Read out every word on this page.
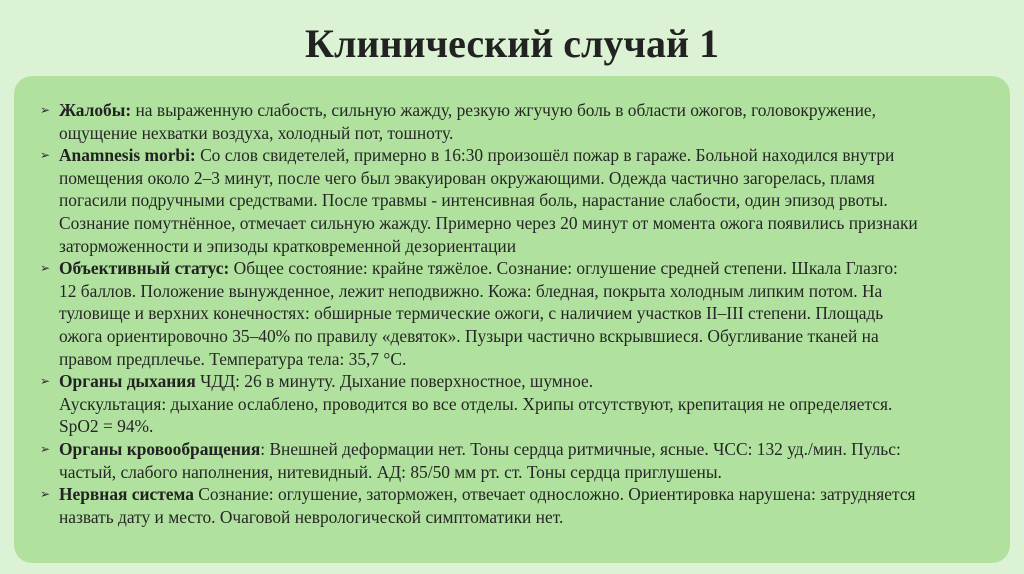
Клинический случай 1
➢ Жалобы: на выраженную слабость, сильную жажду, резкую жгучую боль в области ожогов, головокружение,
ощущение нехватки воздуха, холодный пот, тошноту.
➢ Anamnesis morbi: Со слов свидетелей, примерно в 16:30 произошёл пожар в гараже. Больной находился внутри
помещения около 2–3 минут, после чего был эвакуирован окружающими. Одежда частично загорелась, пламя
погасили подручными средствами. После травмы - интенсивная боль, нарастание слабости, один эпизод рвоты.
Сознание помутнённое, отмечает сильную жажду. Примерно через 20 минут от момента ожога появились признаки
заторможенности и эпизоды кратковременной дезориентации
➢ Объективный статус: Общее состояние: крайне тяжёлое. Сознание: оглушение средней степени. Шкала Глазго:
12 баллов. Положение вынужденное, лежит неподвижно. Кожа: бледная, покрыта холодным липким потом. На
туловище и верхних конечностях: обширные термические ожоги, с наличием участков II–III степени. Площадь
ожога ориентировочно 35–40% по правилу «девяток». Пузыри частично вскрывшиеся. Обугливание тканей на
правом предплечье. Температура тела: 35,7 °C.
➢ Органы дыхания ЧДД: 26 в минуту. Дыхание поверхностное, шумное.
Аускультация: дыхание ослаблено, проводится во все отделы. Хрипы отсутствуют, крепитация не определяется.
SpO2 = 94%.
➢ Органы кровообращения: Внешней деформации нет. Тоны сердца ритмичные, ясные. ЧСС: 132 уд./мин. Пульс:
частый, слабого наполнения, нитевидный. АД: 85/50 мм рт. ст. Тоны сердца приглушены.
➢ Нервная система Сознание: оглушение, заторможен, отвечает односложно. Ориентировка нарушена: затрудняется
назвать дату и место. Очаговой неврологической симптоматики нет.
